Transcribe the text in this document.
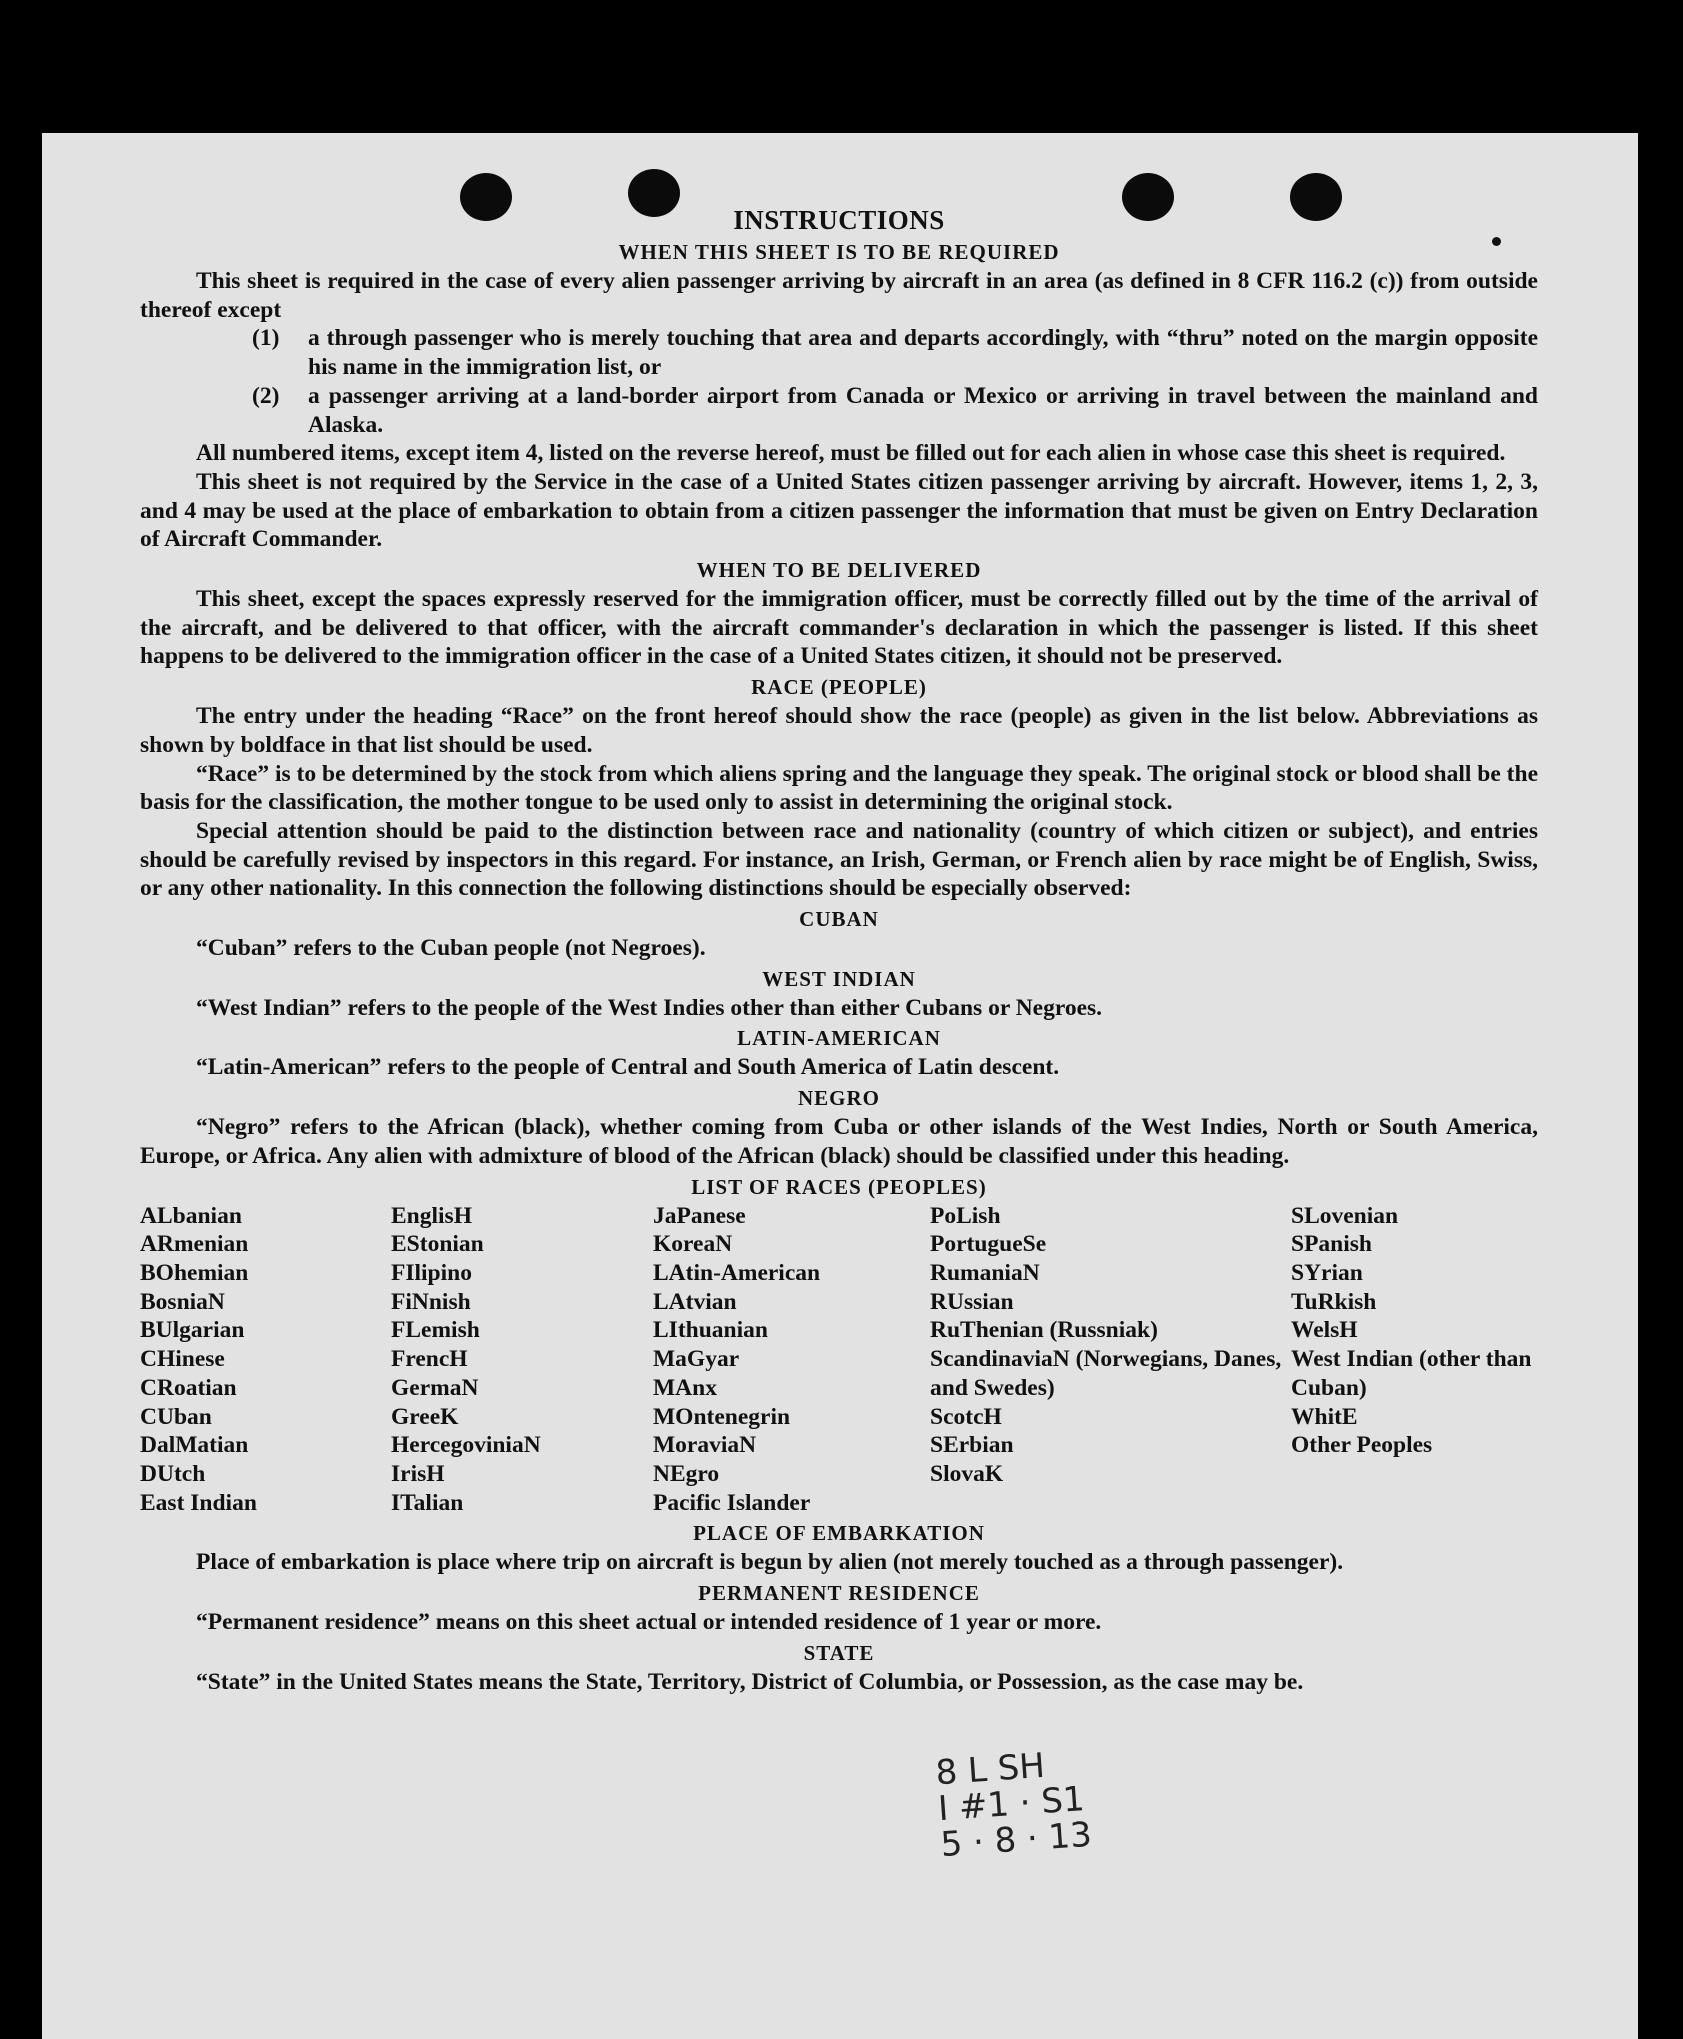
INSTRUCTIONS
WHEN THIS SHEET IS TO BE REQUIRED

This sheet is required in the case of every alien passenger arriving by aircraft in an area (as defined in 8 CFR 116.2 (c)) from outside thereof except

(1)	a through passenger who is merely touching that area and departs accordingly, with “thru” noted on the margin opposite his name in the immigration list, or
(2)	a passenger arriving at a land-border airport from Canada or Mexico or arriving in travel between the mainland and Alaska.

All numbered items, except item 4, listed on the reverse hereof, must be filled out for each alien in whose case this sheet is required.

This sheet is not required by the Service in the case of a United States citizen passenger arriving by aircraft. However, items 1, 2, 3, and 4 may be used at the place of embarkation to obtain from a citizen passenger the information that must be given on Entry Declaration of Aircraft Commander.

WHEN TO BE DELIVERED

This sheet, except the spaces expressly reserved for the immigration officer, must be correctly filled out by the time of the arrival of the aircraft, and be delivered to that officer, with the aircraft commander's declaration in which the passenger is listed. If this sheet happens to be delivered to the immigration officer in the case of a United States citizen, it should not be preserved.

RACE (PEOPLE)

The entry under the heading “Race” on the front hereof should show the race (people) as given in the list below. Abbreviations as shown by boldface in that list should be used.

“Race” is to be determined by the stock from which aliens spring and the language they speak. The original stock or blood shall be the basis for the classification, the mother tongue to be used only to assist in determining the original stock.

Special attention should be paid to the distinction between race and nationality (country of which citizen or subject), and entries should be carefully revised by inspectors in this regard. For instance, an Irish, German, or French alien by race might be of English, Swiss, or any other nationality. In this connection the following distinctions should be especially observed:

CUBAN

“Cuban” refers to the Cuban people (not Negroes).

WEST INDIAN

“West Indian” refers to the people of the West Indies other than either Cubans or Negroes.

LATIN-AMERICAN

“Latin-American” refers to the people of Central and South America of Latin descent.

NEGRO

“Negro” refers to the African (black), whether coming from Cuba or other islands of the West Indies, North or South America, Europe, or Africa. Any alien with admixture of blood of the African (black) should be classified under this heading.

LIST OF RACES (PEOPLES)
ALbanian
ARmenian
BOhemian
BosniaN
BUlgarian
CHinese
CRoatian
CUban
DalMatian
DUtch
East Indian
EnglisH
EStonian
FIlipino
FiNnish
FLemish
FrencH
GermaN
GreeK
HercegoviniaN
IrisH
ITalian
JaPanese
KoreaN
LAtin-American
LAtvian
LIthuanian
MaGyar
MAnx
MOntenegrin
MoraviaN
NEgro
Pacific Islander
PoLish
PortugueSe
RumaniaN
RUssian
RuThenian (Russniak)
ScandinaviaN (Norwegians, Danes, and Swedes)
ScotcH
SErbian
SlovaK
SLovenian
SPanish
SYrian
TuRkish
WelsH
West Indian (other than Cuban)
WhitE
Other Peoples
PLACE OF EMBARKATION

Place of embarkation is place where trip on aircraft is begun by alien (not merely touched as a through passenger).

PERMANENT RESIDENCE

“Permanent residence” means on this sheet actual or intended residence of 1 year or more.

STATE

“State” in the United States means the State, Territory, District of Columbia, or Possession, as the case may be.

8 L SH
I #1 · S1
5 · 8 · 13
